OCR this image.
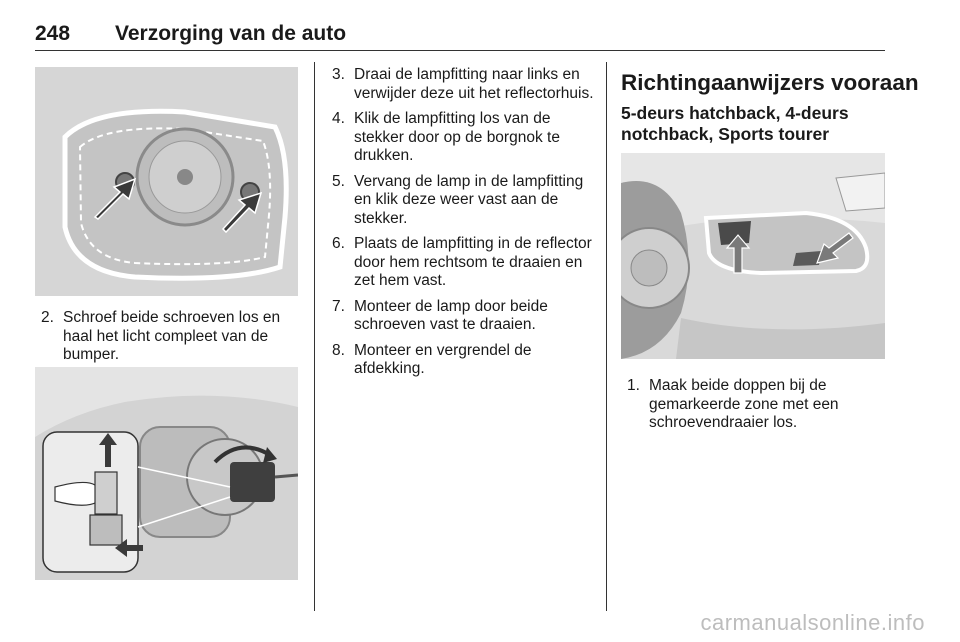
248 Verzorging van de auto
2. Schroef beide schroeven los en haal het licht compleet van de bumper.
3. Draai de lampfitting naar links en verwijder deze uit het reflectorhuis.
4. Klik de lampfitting los van de stekker door op de borgnok te drukken.
5. Vervang de lamp in de lampfitting en klik deze weer vast aan de stekker.
6. Plaats de lampfitting in de reflector door hem rechtsom te draaien en zet hem vast.
7. Monteer de lamp door beide schroeven vast te draaien.
8. Monteer en vergrendel de afdekking.
Richtingaanwijzers vooraan
5-deurs hatchback, 4-deurs notchback, Sports tourer
1. Maak beide doppen bij de gemarkeerde zone met een schroevendraaier los.
carmanualsonline.info
